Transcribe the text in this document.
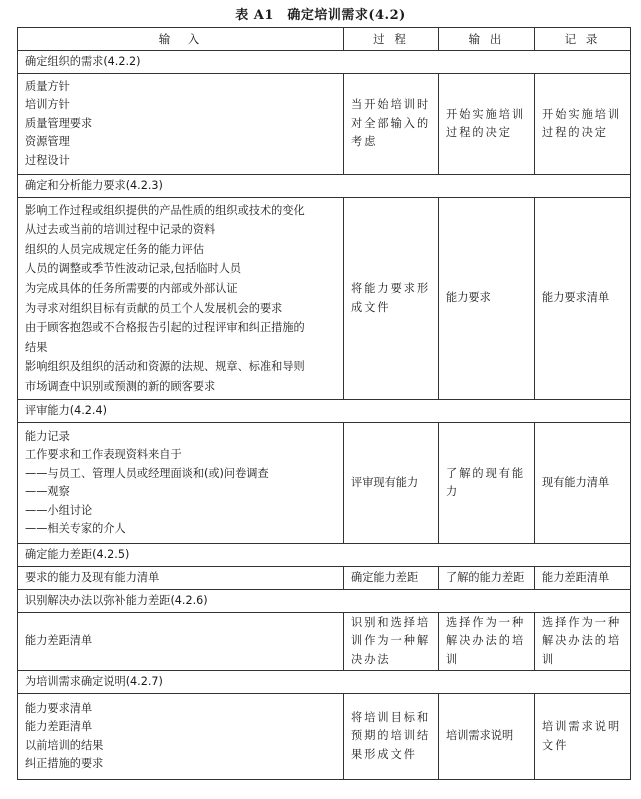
表 A1　确定培训需求(4.2)
输　入	过 程	输 出	记 录
确定组织的需求(4.2.2)			

质量方针
培训方针
质量管理要求
资源管理
过程设计	当开始培训时对全部输入的考虑	开始实施培训过程的决定	开始实施培训过程的决定
确定和分析能力要求(4.2.3)			

影响工作过程或组织提供的产品性质的组织或技术的变化
从过去或当前的培训过程中记录的资料
组织的人员完成规定任务的能力评估
人员的调整或季节性波动记录,包括临时人员
为完成具体的任务所需要的内部或外部认证
为寻求对组织目标有贡献的员工个人发展机会的要求
由于顾客抱怨或不合格报告引起的过程评审和纠正措施的
结果
影响组织及组织的活动和资源的法规、规章、标准和导则
市场调查中识别或预测的新的顾客要求
	将能力要求形成文件	能力要求	能力要求清单
评审能力(4.2.4)			

能力记录
工作要求和工作表现资料来自于
——与员工、管理人员或经理面谈和(或)问卷调查
——观察
——小组讨论
——相关专家的介人
	评审现有能力	了解的现有能力	现有能力清单
确定能力差距(4.2.5)			
要求的能力及现有能力清单	确定能力差距	了解的能力差距	能力差距清单
识别解决办法以弥补能力差距(4.2.6)			
能力差距清单	识别和选择培训作为一种解决办法	选择作为一种解决办法的培训	选择作为一种解决办法的培训
为培训需求确定说明(4.2.7)			

能力要求清单
能力差距清单
以前培训的结果
纠正措施的要求	将培训目标和预期的培训结果形成文件	培训需求说明	培训需求说明文件
